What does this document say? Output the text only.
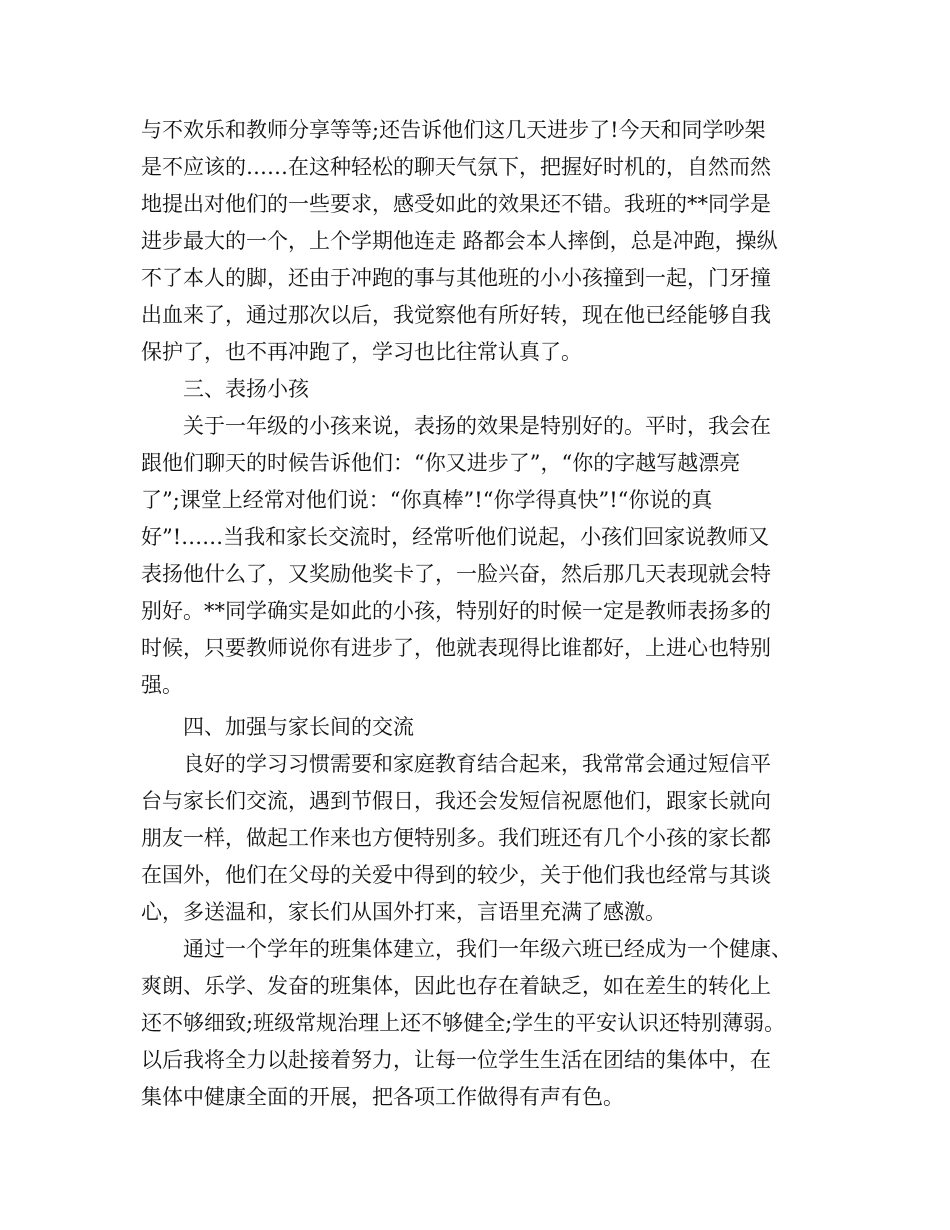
与不欢乐和教师分享等等;还告诉他们这几天进步了!今天和同学吵架
是不应该的……在这种轻松的聊天气氛下，把握好时机的，自然而然
地提出对他们的一些要求，感受如此的效果还不错。我班的**同学是
进步最大的一个，上个学期他连走 路都会本人摔倒，总是冲跑，操纵
不了本人的脚，还由于冲跑的事与其他班的小小孩撞到一起，门牙撞
出血来了，通过那次以后，我觉察他有所好转，现在他已经能够自我
保护了，也不再冲跑了，学习也比往常认真了。
三、表扬小孩
关于一年级的小孩来说，表扬的效果是特别好的。平时，我会在
跟他们聊天的时候告诉他们：“你又进步了”，“你的字越写越漂亮
了”;课堂上经常对他们说：“你真棒”!“你学得真快”!“你说的真
好”!……当我和家长交流时，经常听他们说起，小孩们回家说教师又
表扬他什么了，又奖励他奖卡了，一脸兴奋，然后那几天表现就会特
别好。**同学确实是如此的小孩，特别好的时候一定是教师表扬多的
时候，只要教师说你有进步了，他就表现得比谁都好，上进心也特别
强。
四、加强与家长间的交流
良好的学习习惯需要和家庭教育结合起来，我常常会通过短信平
台与家长们交流，遇到节假日，我还会发短信祝愿他们，跟家长就向
朋友一样，做起工作来也方便特别多。我们班还有几个小孩的家长都
在国外，他们在父母的关爱中得到的较少，关于他们我也经常与其谈
心，多送温和，家长们从国外打来，言语里充满了感激。
通过一个学年的班集体建立，我们一年级六班已经成为一个健康、
爽朗、乐学、发奋的班集体，因此也存在着缺乏，如在差生的转化上
还不够细致;班级常规治理上还不够健全;学生的平安认识还特别薄弱。
以后我将全力以赴接着努力，让每一位学生生活在团结的集体中，在
集体中健康全面的开展，把各项工作做得有声有色。
